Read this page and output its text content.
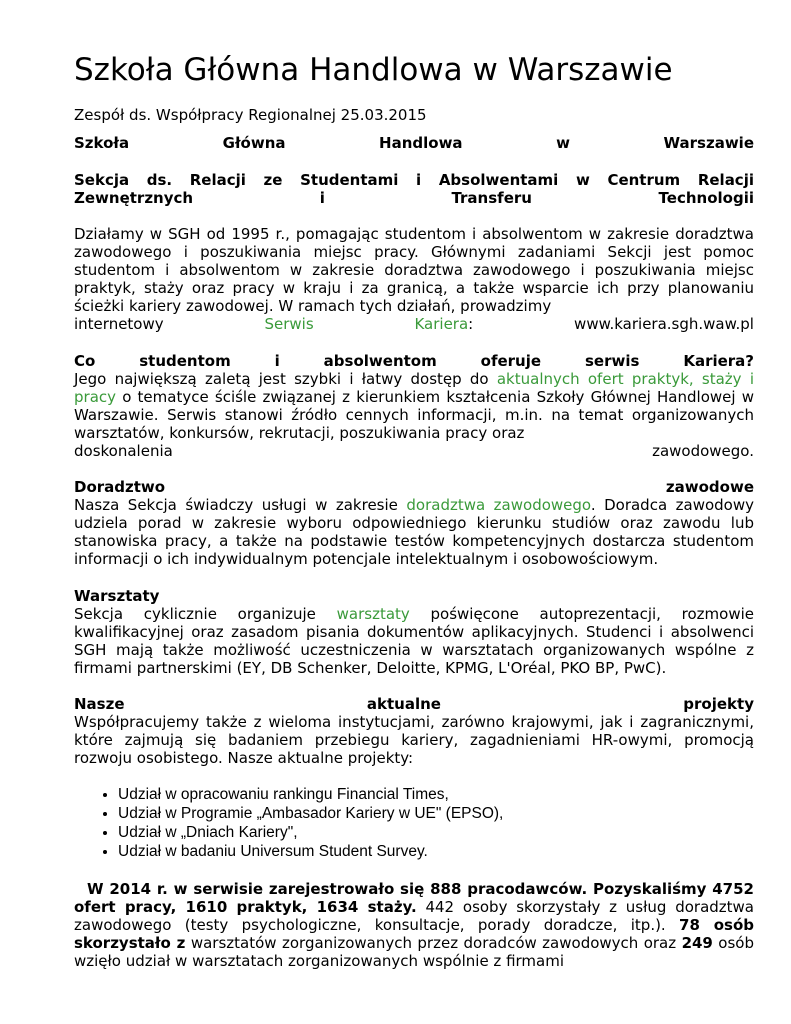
Szkoła Główna Handlowa w Warszawie
Zespół ds. Współpracy Regionalnej 25.03.2015
Szkoła Główna Handlowa w Warszawie
Sekcja ds. Relacji ze Studentami i Absolwentami w Centrum Relacji
Zewnętrznych i Transferu Technologii
Działamy w SGH od 1995 r., pomagając studentom i absolwentom w zakresie doradztwa zawodowego i poszukiwania miejsc pracy. Głównymi zadaniami Sekcji jest pomoc studentom i absolwentom w zakresie doradztwa zawodowego i poszukiwania miejsc praktyk, staży oraz pracy w kraju i za granicą, a także wsparcie ich przy planowaniu ścieżki kariery zawodowej. W ramach tych działań, prowadzimy
internetowy	Serwis	Kariera:	www.kariera.sgh.waw.pl
Co studentom i absolwentom oferuje serwis Kariera?
Jego największą zaletą jest szybki i łatwy dostęp do aktualnych ofert praktyk, staży i pracy o tematyce ściśle związanej z kierunkiem kształcenia Szkoły Głównej Handlowej w Warszawie. Serwis stanowi źródło cennych informacji, m.in. na temat organizowanych warsztatów, konkursów, rekrutacji, poszukiwania pracy oraz
doskonalenia	zawodowego.
Doradztwo	zawodowe
Nasza Sekcja świadczy usługi w zakresie doradztwa zawodowego. Doradca zawodowy udziela porad w zakresie wyboru odpowiedniego kierunku studiów oraz zawodu lub stanowiska pracy, a także na podstawie testów kompetencyjnych dostarcza studentom informacji o ich indywidualnym potencjale intelektualnym i osobowościowym.
Warsztaty
Sekcja cyklicznie organizuje warsztaty poświęcone autoprezentacji, rozmowie kwalifikacyjnej oraz zasadom pisania dokumentów aplikacyjnych. Studenci i absolwenci SGH mają także możliwość uczestniczenia w warsztatach organizowanych wspólne z firmami partnerskimi (EY, DB Schenker, Deloitte, KPMG, L'Oréal, PKO BP, PwC).
Nasze	aktualne	projekty
Współpracujemy także z wieloma instytucjami, zarówno krajowymi, jak i zagranicznymi, które zajmują się badaniem przebiegu kariery, zagadnieniami HR-owymi, promocją rozwoju osobistego. Nasze aktualne projekty:
• Udział w opracowaniu rankingu Financial Times,
• Udział w Programie „Ambasador Kariery w UE" (EPSO),
• Udział w „Dniach Kariery",
• Udział w badaniu Universum Student Survey.
W 2014 r. w serwisie zarejestrowało się 888 pracodawców. Pozyskaliśmy 4752 ofert pracy, 1610 praktyk, 1634 staży. 442 osoby skorzystały z usług doradztwa zawodowego (testy psychologiczne, konsultacje, porady doradcze, itp.). 78 osób skorzystało z warsztatów zorganizowanych przez doradców zawodowych oraz 249 osób wzięło udział w warsztatach zorganizowanych wspólnie z firmami
